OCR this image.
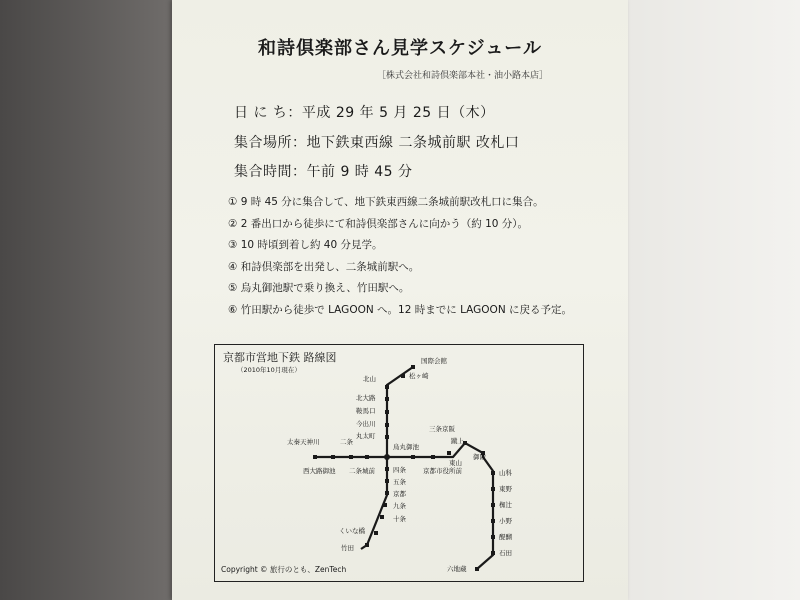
和詩倶楽部さん見学スケジュール
［株式会社和詩倶楽部本社・油小路本店］
日 に ち：平成 29 年 5 月 25 日（木）
集合場所：地下鉄東西線 二条城前駅 改札口
集合時間：午前 9 時 45 分
① 9 時 45 分に集合して、地下鉄東西線二条城前駅改札口に集合。
② 2 番出口から徒歩にて和詩倶楽部さんに向かう（約 10 分）。
③ 10 時頃到着し約 40 分見学。
④ 和詩倶楽部を出発し、二条城前駅へ。
⑤ 烏丸御池駅で乗り換え、竹田駅へ。
⑥ 竹田駅から徒歩で LAGOON へ。12 時までに LAGOON に戻る予定。
国際会館
松ヶ崎
北山
北大路
鞍馬口
今出川
丸太町
烏丸御池
三条京阪
蹴上
御陵
東山
京都市役所前
太秦天神川	二条
西大路御池 二条城前	四条
五条
京都
九条
十条
くいな橋
竹田
山科
東野
椥辻
小野
醍醐
石田
六地蔵
京都市営地下鉄 路線図
（2010年10月現在）
Copyright © 旅行のとも、ZenTech
